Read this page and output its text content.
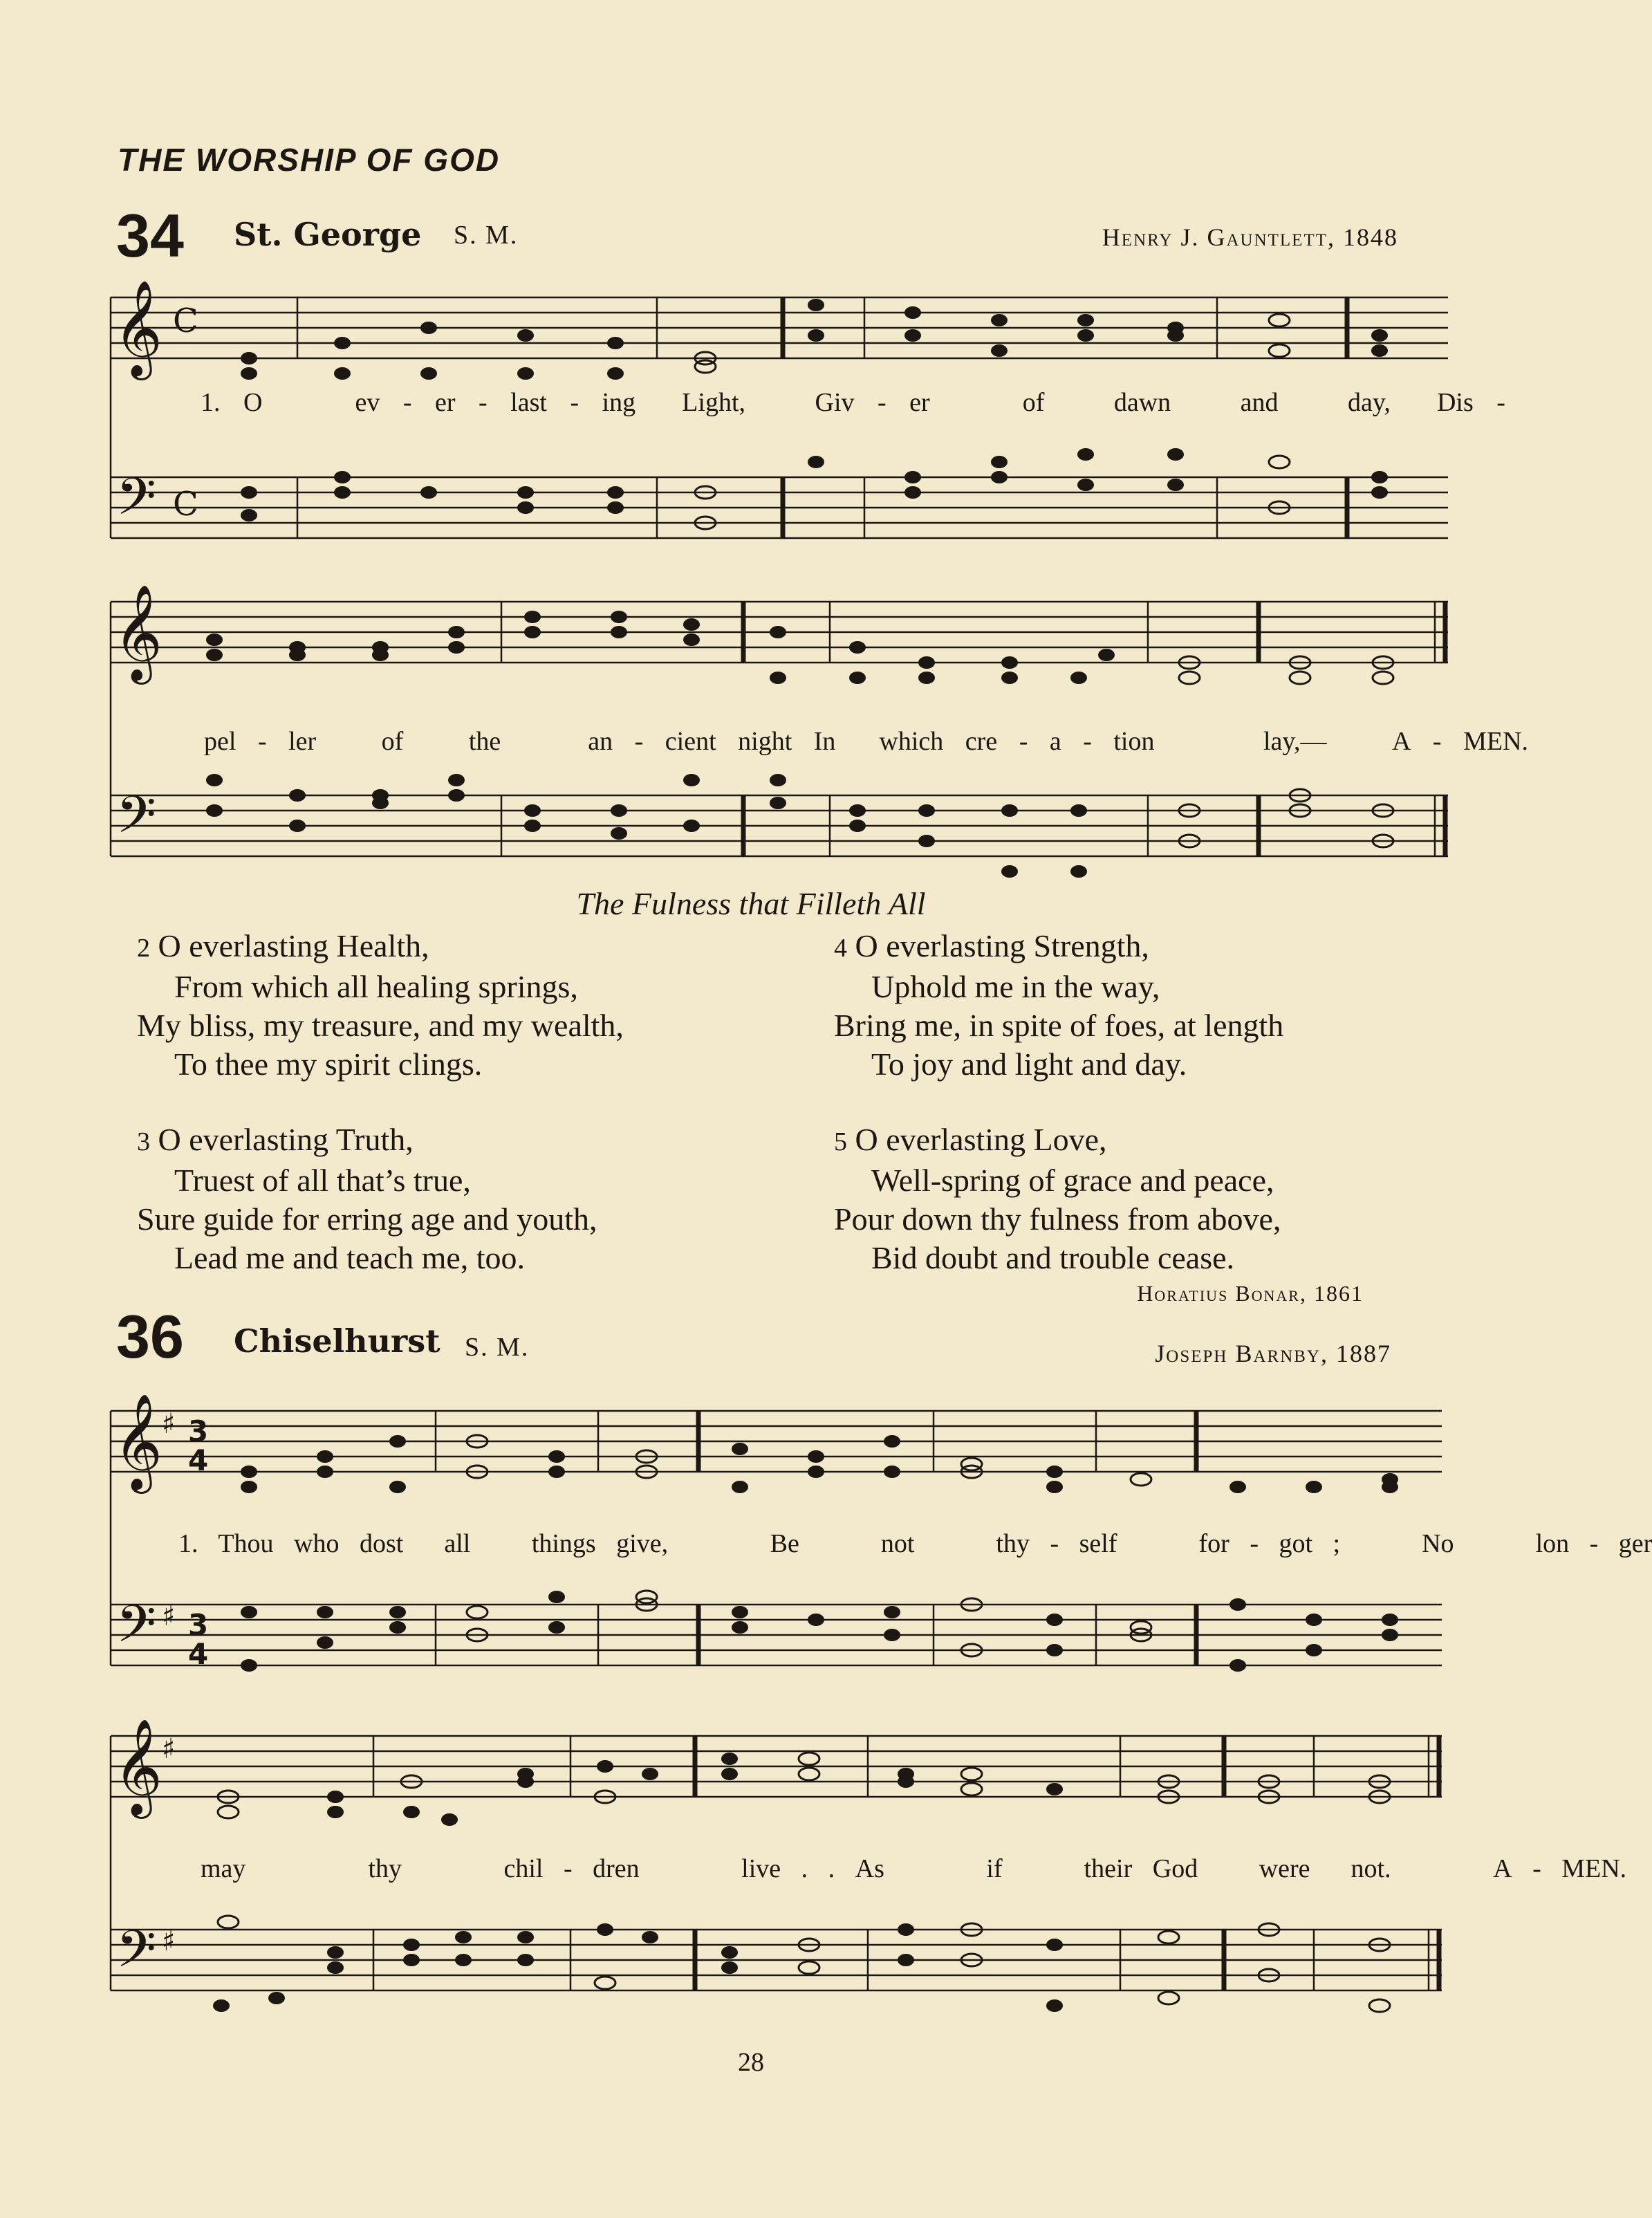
THE WORSHIP OF GOD
34 St. George S. M.	Henry J. Gauntlett, 1848
𝄞 C
𝄢 C
1. O	ev - er - last - ing Light,	Giv - er	of	dawn	and	day, Dis -
𝄞
𝄢
pel - ler of the	an - cient night In which cre - a - tion	lay,— A - MEN.
The Fulness that Filleth All
2 O everlasting Health,
From which all healing springs,
My bliss, my treasure, and my wealth,
To thee my spirit clings.
3 O everlasting Truth,
Truest of all that’s true,
Sure guide for erring age and youth,
Lead me and teach me, too.
4 O everlasting Strength,
Uphold me in the way,
Bring me, in spite of foes, at length
To joy and light and day.
5 O everlasting Love,
Well-spring of grace and peace,
Pour down thy fulness from above,
Bid doubt and trouble cease.
Horatius Bonar, 1861
36 Chiselhurst S. M.	Joseph Barnby, 1887
𝄞 ♯ 3
4
𝄢 ♯ 3
4
1. Thou who dost all things give,	Be	not	thy - self	for - got ;	No	lon - ger
𝄞 ♯
𝄢 ♯
may	thy	chil - dren	live . . As	if	their God were not.	A - MEN.
28
